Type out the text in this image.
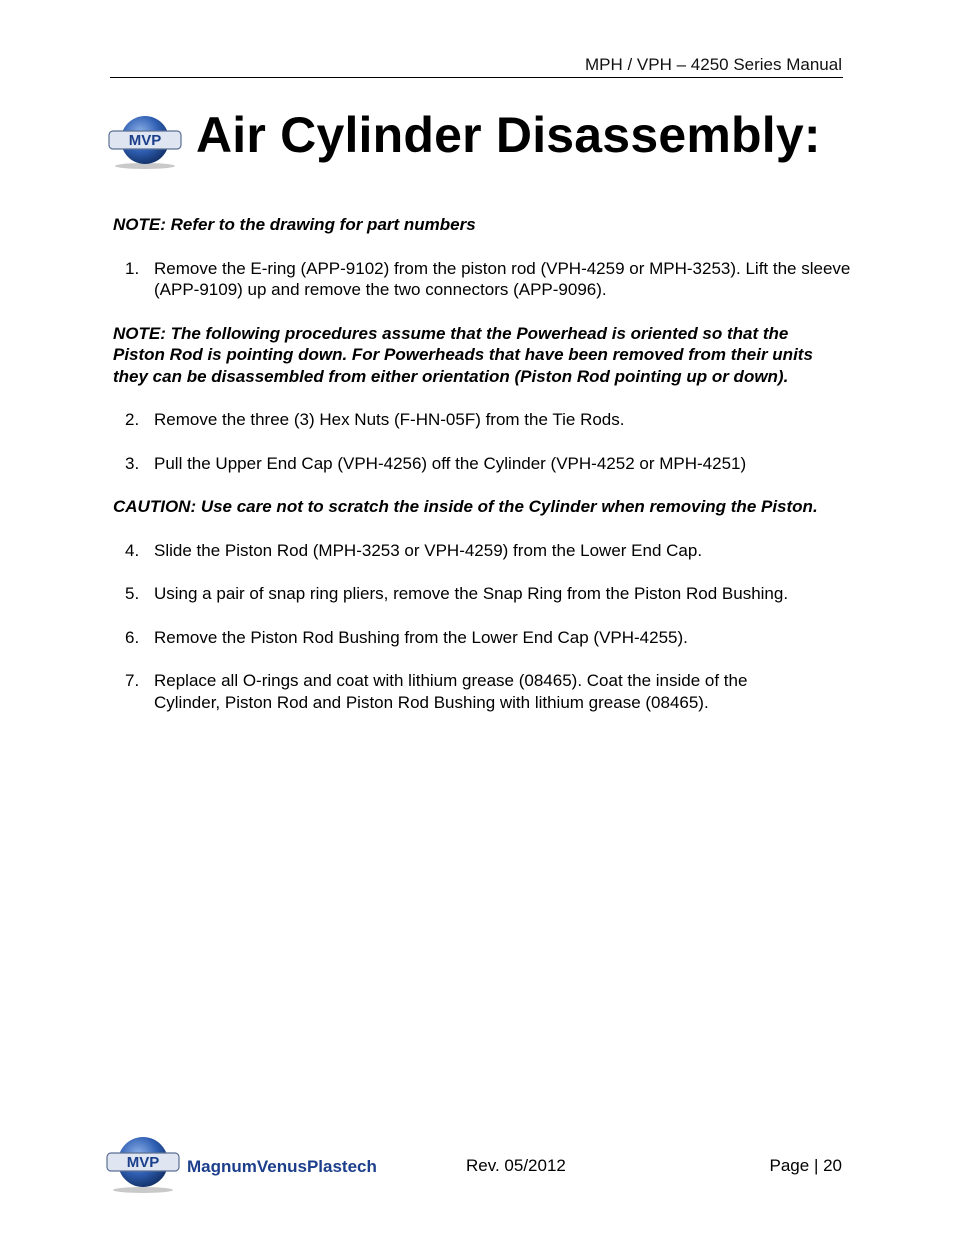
MPH / VPH – 4250 Series Manual
MVP Air Cylinder Disassembly:

NOTE: Refer to the drawing for part numbers

1. Remove the E-ring (APP-9102) from the piston rod (VPH-4259 or MPH-3253). Lift the sleeve (APP-9109) up and remove the two connectors (APP-9096).

NOTE: The following procedures assume that the Powerhead is oriented so that the Piston Rod is pointing down. For Powerheads that have been removed from their units they can be disassembled from either orientation (Piston Rod pointing up or down).

2. Remove the three (3) Hex Nuts (F-HN-05F) from the Tie Rods.
3. Pull the Upper End Cap (VPH-4256) off the Cylinder (VPH-4252 or MPH-4251)

CAUTION: Use care not to scratch the inside of the Cylinder when removing the Piston.

4. Slide the Piston Rod (MPH-3253 or VPH-4259) from the Lower End Cap.
5. Using a pair of snap ring pliers, remove the Snap Ring from the Piston Rod Bushing.
6. Remove the Piston Rod Bushing from the Lower End Cap (VPH-4255).
7. Replace all O-rings and coat with lithium grease (08465). Coat the inside of the Cylinder, Piston Rod and Piston Rod Bushing with lithium grease (08465).
MVP MagnumVenusPlastech	Rev. 05/2012	Page | 20
